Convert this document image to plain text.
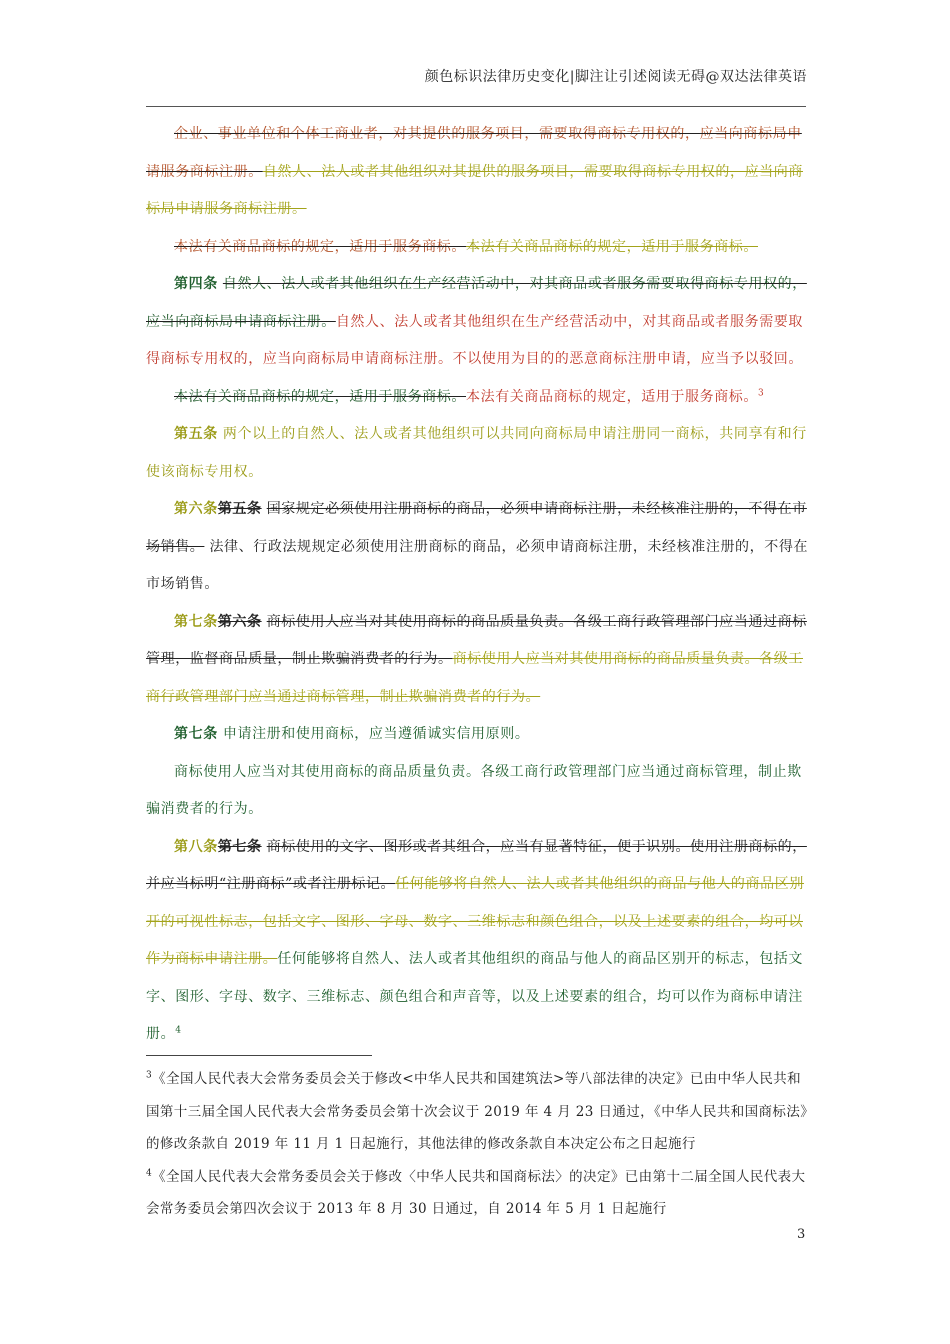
颜色标识法律历史变化|脚注让引述阅读无碍@双达法律英语

企业、事业单位和个体工商业者，对其提供的服务项目，需要取得商标专用权的，应当向商标局申请服务商标注册。自然人、法人或者其他组织对其提供的服务项目，需要取得商标专用权的，应当向商标局申请服务商标注册。

本法有关商品商标的规定，适用于服务商标。本法有关商品商标的规定，适用于服务商标。

第四条 自然人、法人或者其他组织在生产经营活动中，对其商品或者服务需要取得商标专用权的，应当向商标局申请商标注册。自然人、法人或者其他组织在生产经营活动中，对其商品或者服务需要取得商标专用权的，应当向商标局申请商标注册。不以使用为目的的恶意商标注册申请，应当予以驳回。

本法有关商品商标的规定，适用于服务商标。本法有关商品商标的规定，适用于服务商标。$^3$

第五条 两个以上的自然人、法人或者其他组织可以共同向商标局申请注册同一商标，共同享有和行使该商标专用权。

第六条第五条 国家规定必须使用注册商标的商品，必须申请商标注册，未经核准注册的，不得在市场销售。 法律、行政法规规定必须使用注册商标的商品，必须申请商标注册，未经核准注册的，不得在市场销售。

第七条第六条 商标使用人应当对其使用商标的商品质量负责。各级工商行政管理部门应当通过商标管理，监督商品质量，制止欺骗消费者的行为。商标使用人应当对其使用商标的商品质量负责。各级工商行政管理部门应当通过商标管理，制止欺骗消费者的行为。

第七条 申请注册和使用商标，应当遵循诚实信用原则。

商标使用人应当对其使用商标的商品质量负责。各级工商行政管理部门应当通过商标管理，制止欺骗消费者的行为。

第八条第七条 商标使用的文字、图形或者其组合，应当有显著特征，便于识别。使用注册商标的，并应当标明“注册商标”或者注册标记。任何能够将自然人、法人或者其他组织的商品与他人的商品区别开的可视性标志，包括文字、图形、字母、数字、三维标志和颜色组合，以及上述要素的组合，均可以作为商标申请注册。任何能够将自然人、法人或者其他组织的商品与他人的商品区别开的标志，包括文字、图形、字母、数字、三维标志、颜色组合和声音等，以及上述要素的组合，均可以作为商标申请注册。$^4$

$^3$《全国人民代表大会常务委员会关于修改<中华人民共和国建筑法>等八部法律的决定》已由中华人民共和国第十三届全国人民代表大会常务委员会第十次会议于 2019 年 4 月 23 日通过，《中华人民共和国商标法》的修改条款自 2019 年 11 月 1 日起施行，其他法律的修改条款自本决定公布之日起施行

$^4$《全国人民代表大会常务委员会关于修改〈中华人民共和国商标法〉的决定》已由第十二届全国人民代表大会常务委员会第四次会议于 2013 年 8 月 30 日通过，自 2014 年 5 月 1 日起施行

3
